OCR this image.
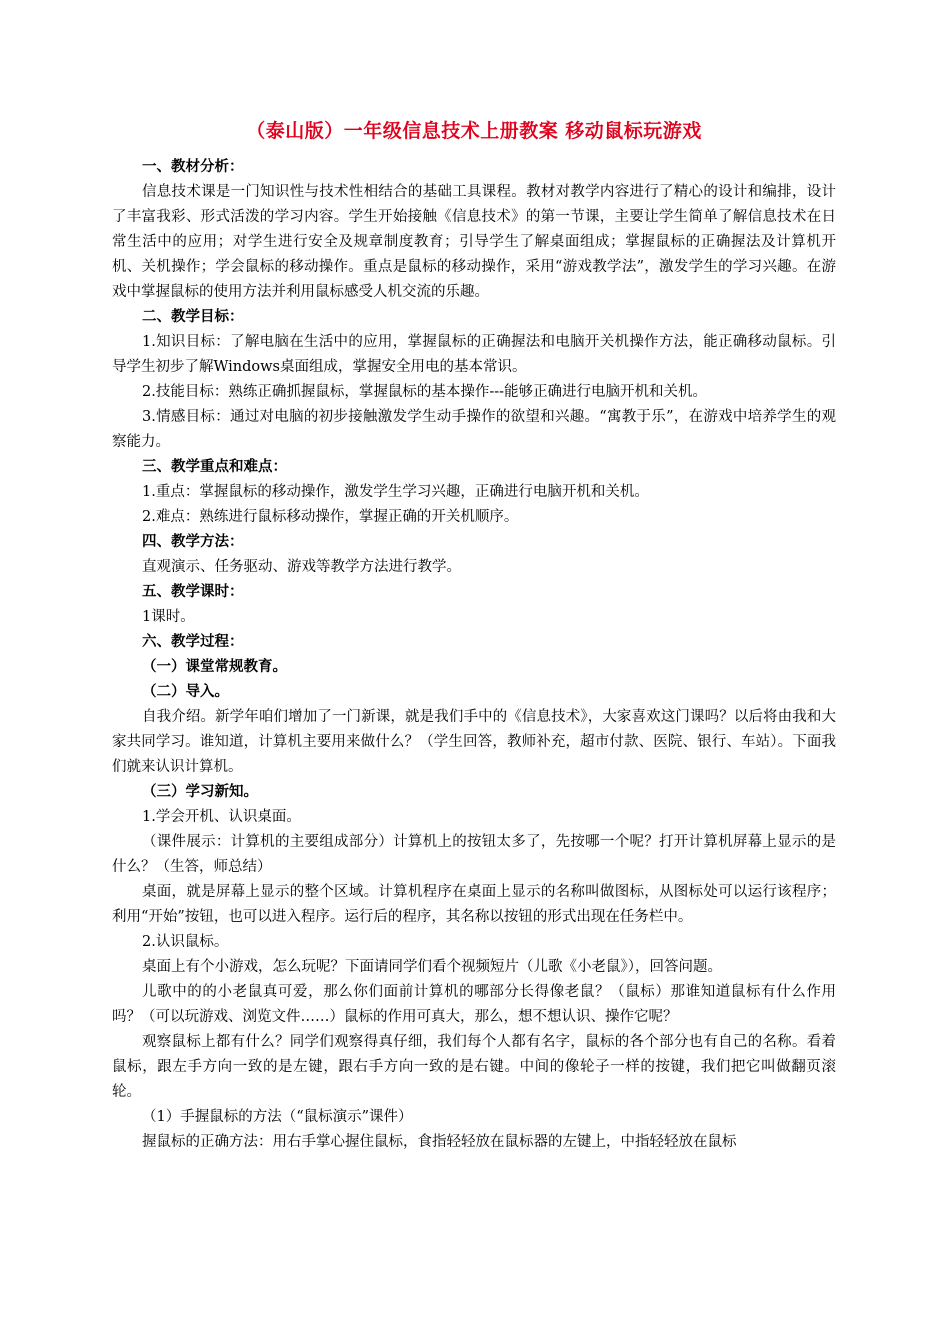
（泰山版）一年级信息技术上册教案 移动鼠标玩游戏
一、教材分析：
信息技术课是一门知识性与技术性相结合的基础工具课程。教材对教学内容进行了精心的设计和编排，设计了丰富我彩、形式活泼的学习内容。学生开始接触《信息技术》的第一节课，主要让学生简单了解信息技术在日常生活中的应用；对学生进行安全及规章制度教育；引导学生了解桌面组成；掌握鼠标的正确握法及计算机开机、关机操作；学会鼠标的移动操作。重点是鼠标的移动操作，采用“游戏教学法”，激发学生的学习兴趣。在游戏中掌握鼠标的使用方法并利用鼠标感受人机交流的乐趣。
二、教学目标：
1.知识目标：了解电脑在生活中的应用，掌握鼠标的正确握法和电脑开关机操作方法，能正确移动鼠标。引导学生初步了解Windows桌面组成，掌握安全用电的基本常识。
2.技能目标：熟练正确抓握鼠标，掌握鼠标的基本操作---能够正确进行电脑开机和关机。
3.情感目标：通过对电脑的初步接触激发学生动手操作的欲望和兴趣。“寓教于乐”，在游戏中培养学生的观察能力。
三、教学重点和难点：
1.重点：掌握鼠标的移动操作，激发学生学习兴趣，正确进行电脑开机和关机。
2.难点：熟练进行鼠标移动操作，掌握正确的开关机顺序。
四、教学方法：
直观演示、任务驱动、游戏等教学方法进行教学。
五、教学课时：
1课时。
六、教学过程：
（一）课堂常规教育。
（二）导入。
自我介绍。新学年咱们增加了一门新课，就是我们手中的《信息技术》，大家喜欢这门课吗？以后将由我和大家共同学习。谁知道，计算机主要用来做什么？（学生回答，教师补充，超市付款、医院、银行、车站）。下面我们就来认识计算机。
（三）学习新知。
1.学会开机、认识桌面。
（课件展示：计算机的主要组成部分）计算机上的按钮太多了，先按哪一个呢？打开计算机屏幕上显示的是什么？（生答，师总结）
桌面，就是屏幕上显示的整个区域。计算机程序在桌面上显示的名称叫做图标，从图标处可以运行该程序；利用“开始”按钮，也可以进入程序。运行后的程序，其名称以按钮的形式出现在任务栏中。
2.认识鼠标。
桌面上有个小游戏，怎么玩呢？下面请同学们看个视频短片（儿歌《小老鼠》），回答问题。
儿歌中的的小老鼠真可爱，那么你们面前计算机的哪部分长得像老鼠？（鼠标）那谁知道鼠标有什么作用吗？（可以玩游戏、浏览文件……）鼠标的作用可真大，那么，想不想认识、操作它呢？
观察鼠标上都有什么？同学们观察得真仔细，我们每个人都有名字，鼠标的各个部分也有自己的名称。看着鼠标，跟左手方向一致的是左键，跟右手方向一致的是右键。中间的像轮子一样的按键，我们把它叫做翻页滚轮。
（1）手握鼠标的方法（“鼠标演示”课件）
握鼠标的正确方法：用右手掌心握住鼠标，食指轻轻放在鼠标器的左键上，中指轻轻放在鼠标
